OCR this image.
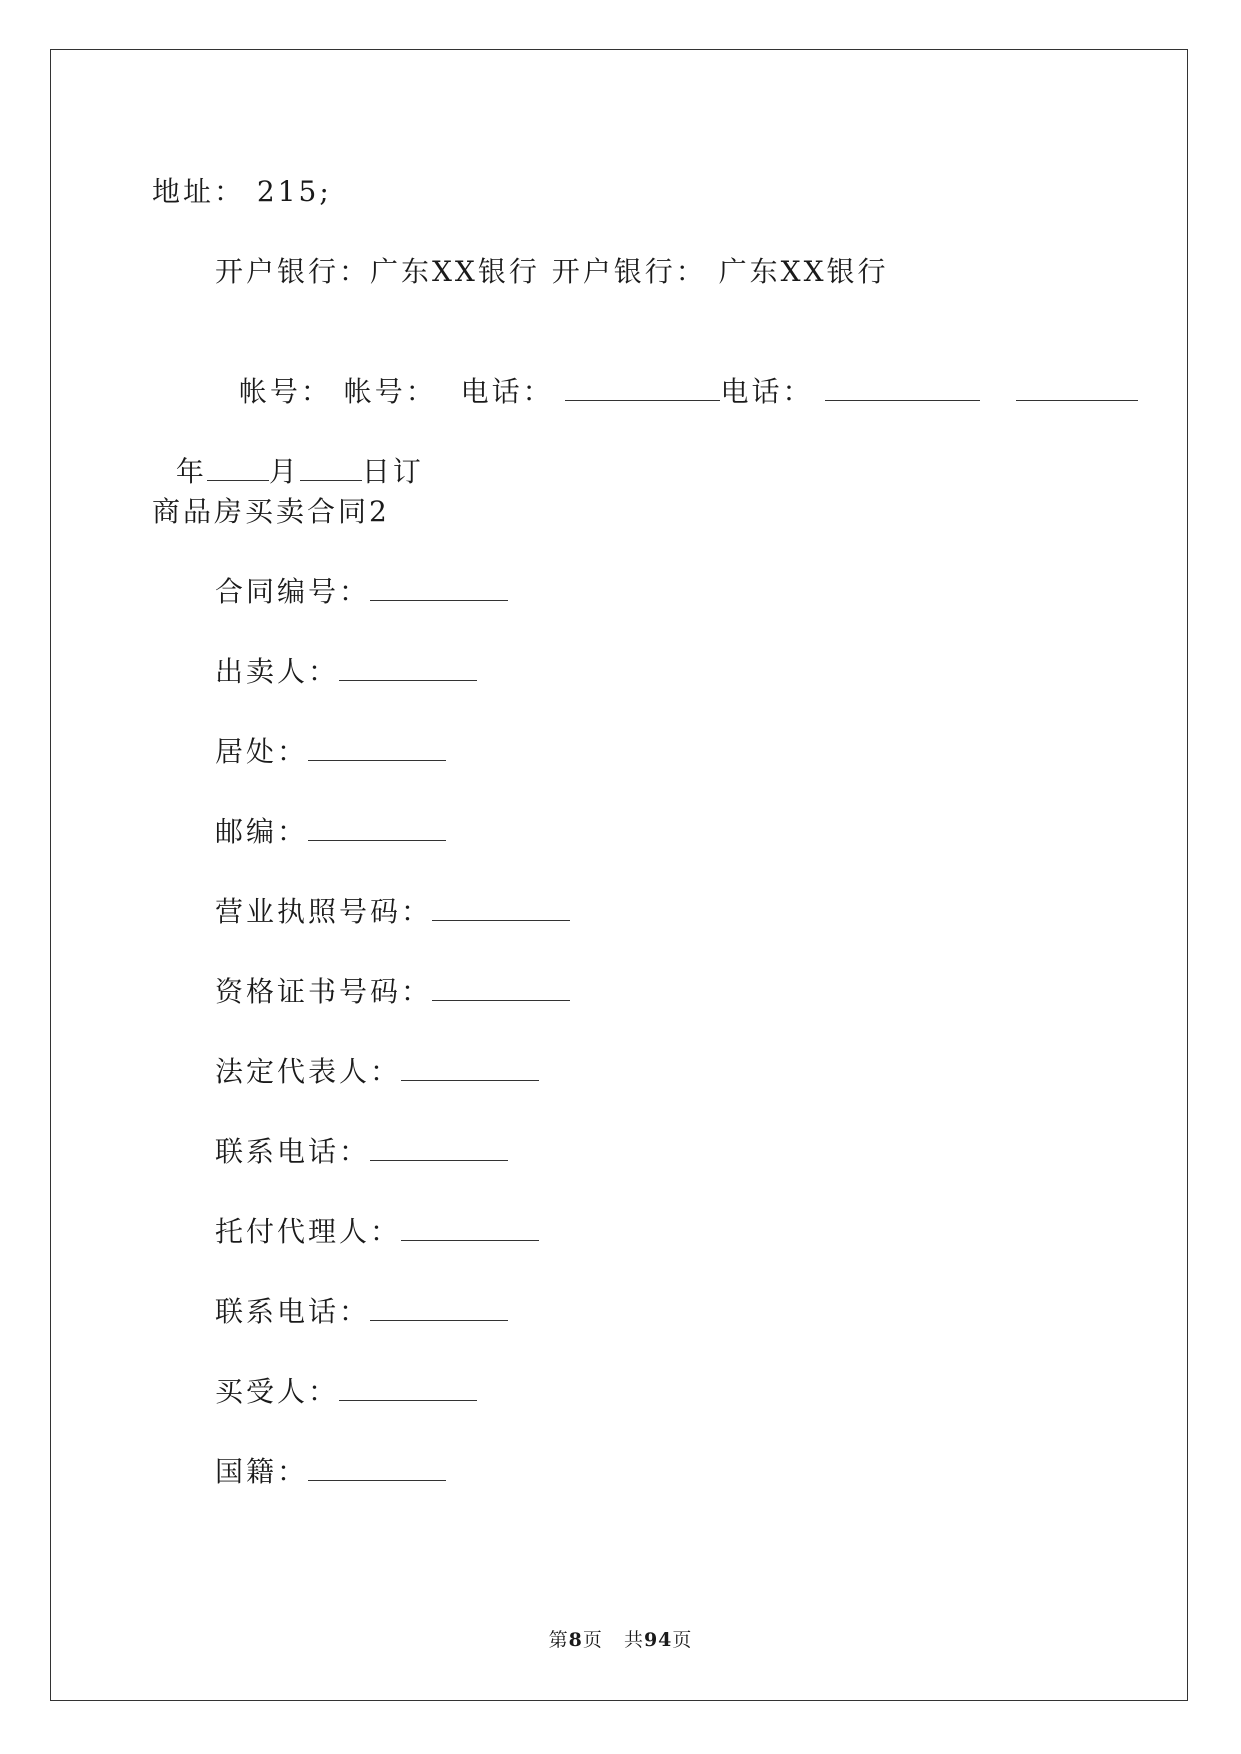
地址： 215;
开户银行：广东XX银行 开户银行： 广东XX银行

帐号： 帐号： 电话：	电话：

年 月 日订

商品房买卖合同2
合同编号：
出卖人：
居处：
邮编：
营业执照号码：
资格证书号码：
法定代表人：
联系电话：
托付代理人：
联系电话：
买受人：
国籍：
第8页   共94页
